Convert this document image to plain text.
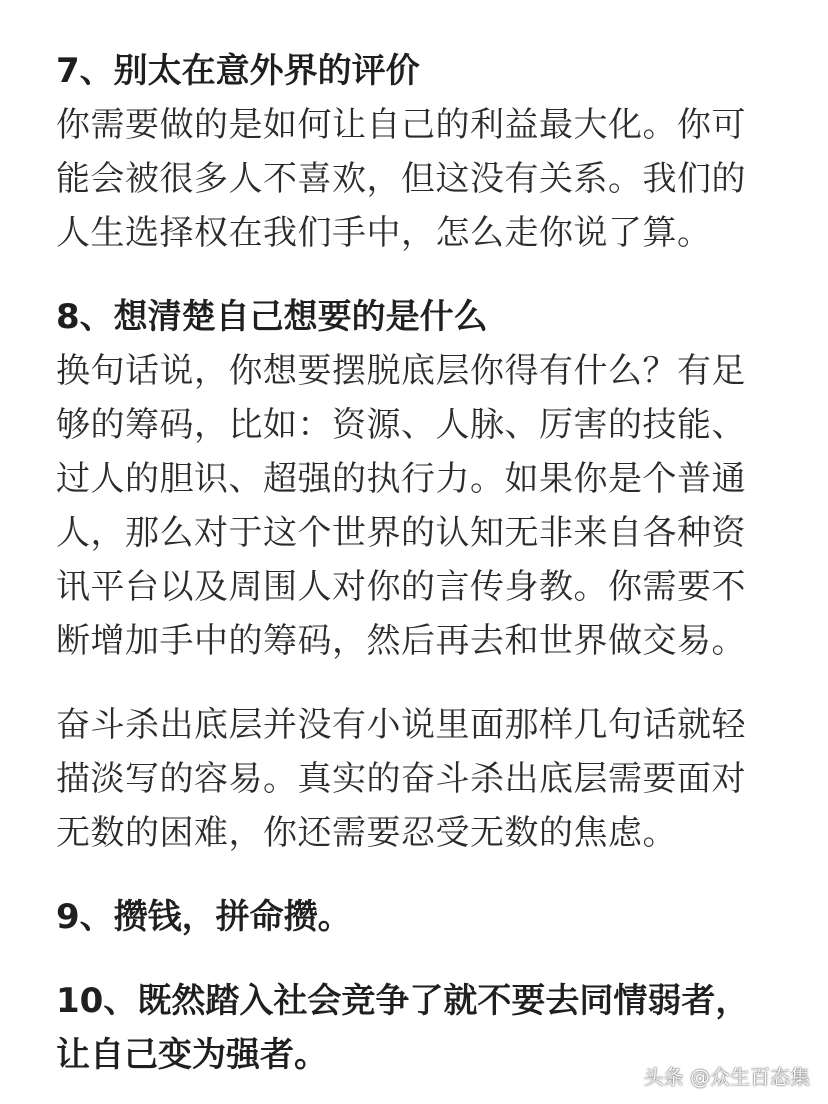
7、别太在意外界的评价

你需要做的是如何让自己的利益最大化。你可

能会被很多人不喜欢，但这没有关系。我们的

人生选择权在我们手中，怎么走你说了算。

8、想清楚自己想要的是什么

换句话说，你想要摆脱底层你得有什么？有足

够的筹码，比如：资源、人脉、厉害的技能、

过人的胆识、超强的执行力。如果你是个普通

人，那么对于这个世界的认知无非来自各种资

讯平台以及周围人对你的言传身教。你需要不

断增加手中的筹码，然后再去和世界做交易。

奋斗杀出底层并没有小说里面那样几句话就轻

描淡写的容易。真实的奋斗杀出底层需要面对

无数的困难，你还需要忍受无数的焦虑。

9、攒钱，拼命攒。

10、既然踏入社会竞争了就不要去同情弱者，

让自己变为强者。

头条 @众生百态集
